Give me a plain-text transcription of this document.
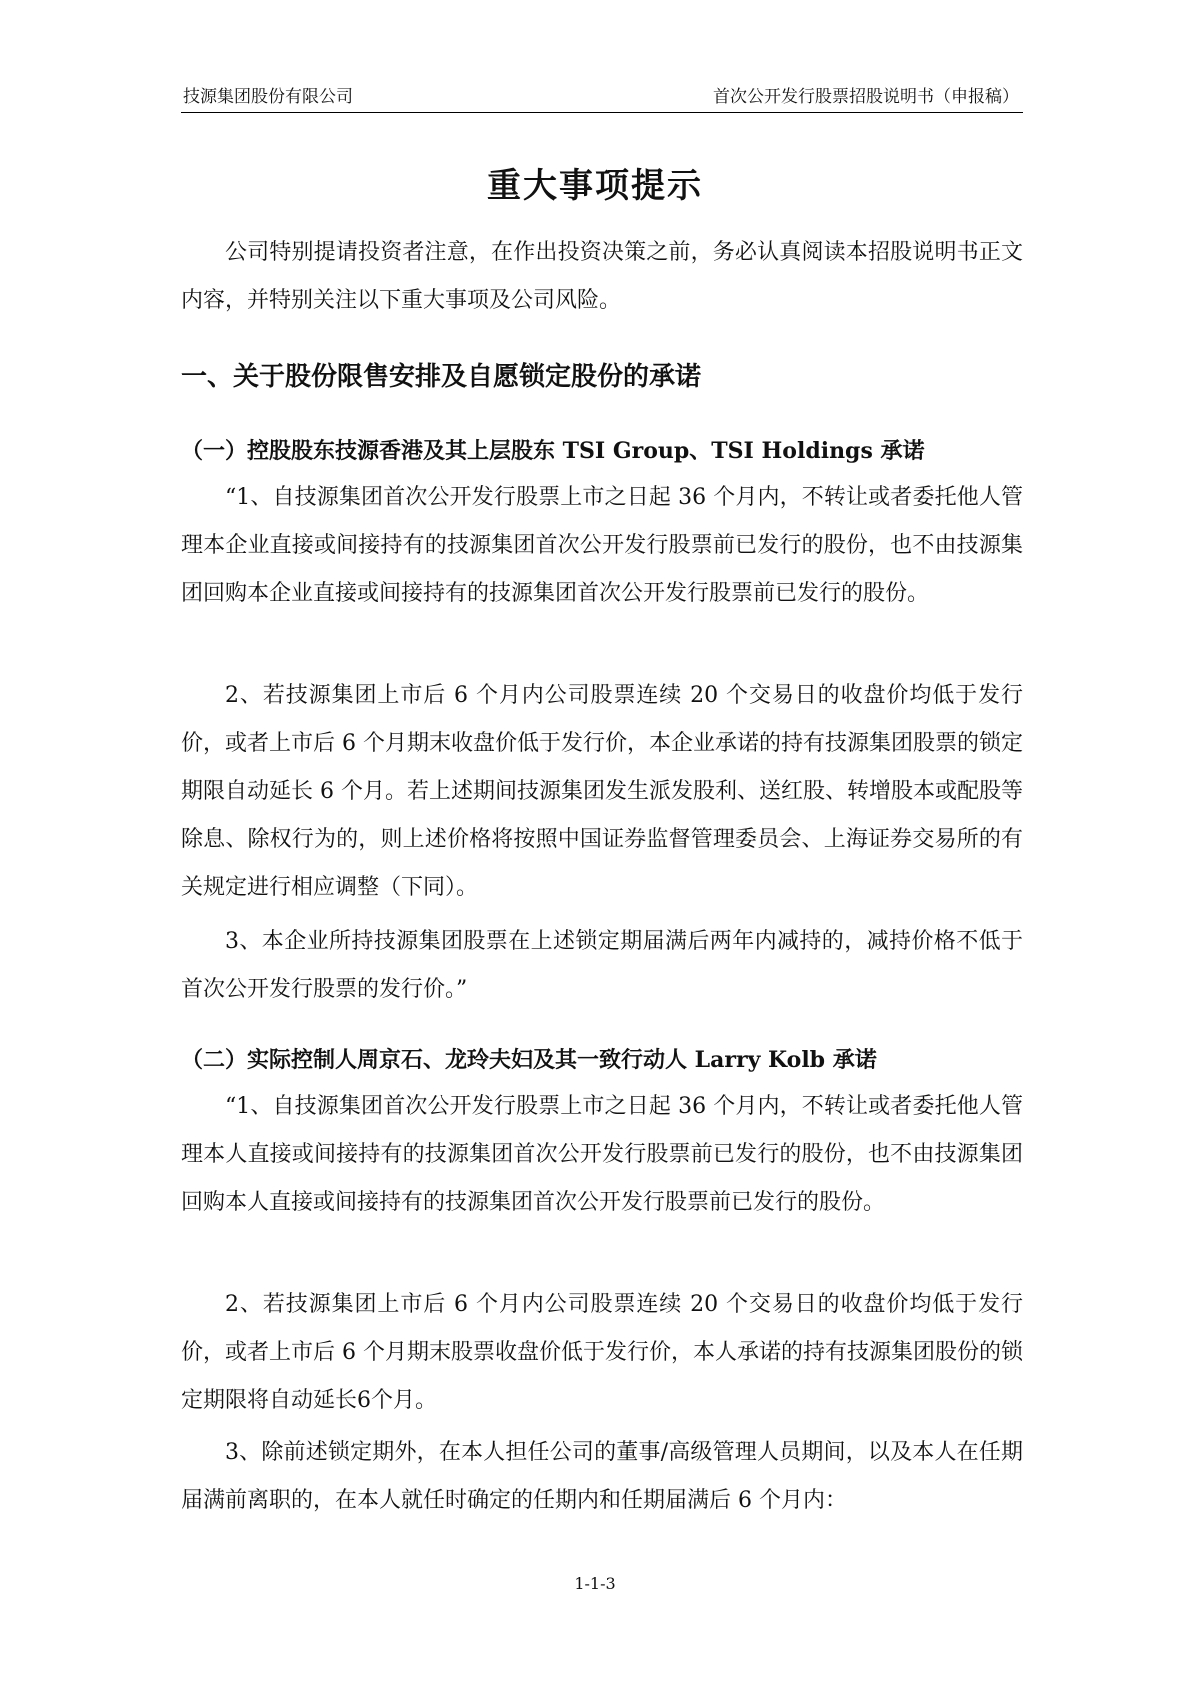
技源集团股份有限公司	首次公开发行股票招股说明书（申报稿）
重大事项提示

公司特别提请投资者注意，在作出投资决策之前，务必认真阅读本招股说明书正文内容，并特别关注以下重大事项及公司风险。

一、关于股份限售安排及自愿锁定股份的承诺
（一）控股股东技源香港及其上层股东 TSI Group、TSI Holdings 承诺

“1、自技源集团首次公开发行股票上市之日起 36 个月内，不转让或者委托他人管理本企业直接或间接持有的技源集团首次公开发行股票前已发行的股份，也不由技源集团回购本企业直接或间接持有的技源集团首次公开发行股票前已发行的股份。

2、若技源集团上市后 6 个月内公司股票连续 20 个交易日的收盘价均低于发行价，或者上市后 6 个月期末收盘价低于发行价，本企业承诺的持有技源集团股票的锁定期限自动延长 6 个月。若上述期间技源集团发生派发股利、送红股、转增股本或配股等除息、除权行为的，则上述价格将按照中国证券监督管理委员会、上海证券交易所的有关规定进行相应调整（下同）。

3、本企业所持技源集团股票在上述锁定期届满后两年内减持的，减持价格不低于首次公开发行股票的发行价。”

（二）实际控制人周京石、龙玲夫妇及其一致行动人 Larry Kolb 承诺

“1、自技源集团首次公开发行股票上市之日起 36 个月内，不转让或者委托他人管理本人直接或间接持有的技源集团首次公开发行股票前已发行的股份，也不由技源集团回购本人直接或间接持有的技源集团首次公开发行股票前已发行的股份。

2、若技源集团上市后 6 个月内公司股票连续 20 个交易日的收盘价均低于发行价，或者上市后 6 个月期末股票收盘价低于发行价，本人承诺的持有技源集团股份的锁定期限将自动延长6个月。

3、除前述锁定期外，在本人担任公司的董事/高级管理人员期间，以及本人在任期届满前离职的，在本人就任时确定的任期内和任期届满后 6 个月内：

1-1-3
